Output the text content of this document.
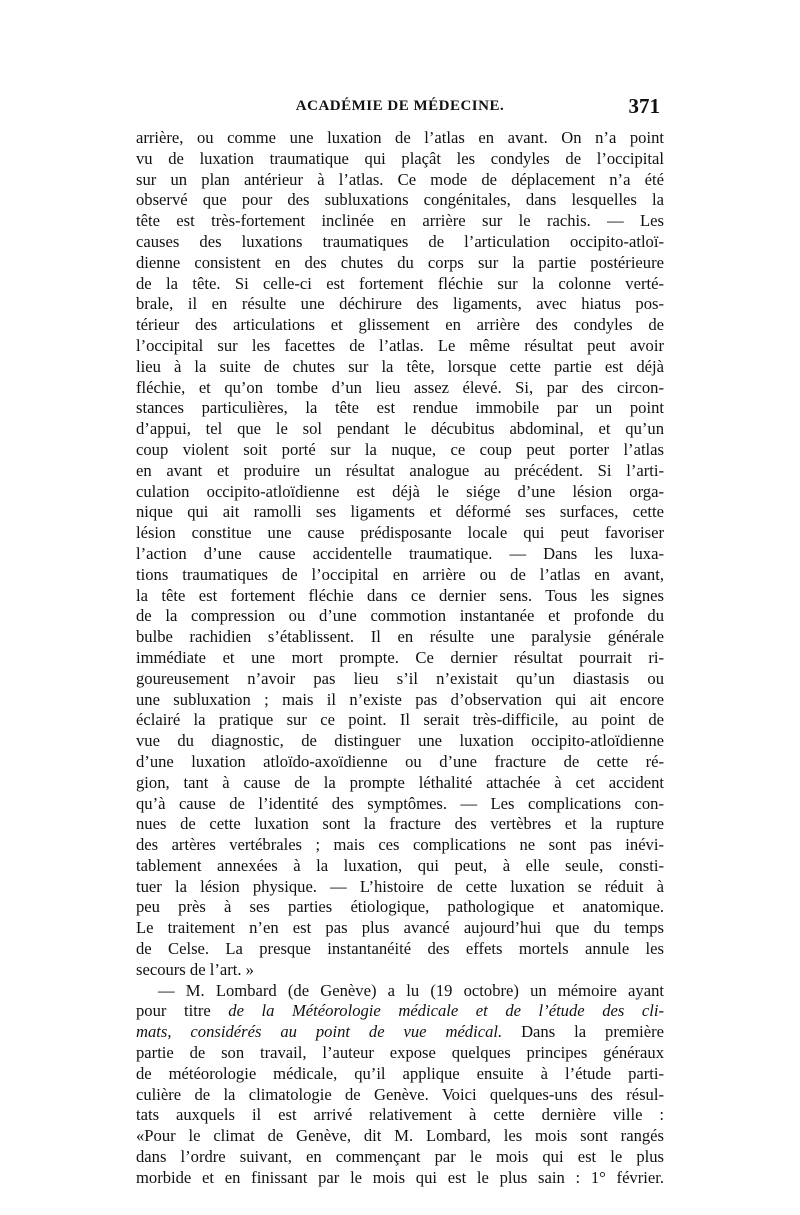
ACADÉMIE DE MÉDECINE.	371
arrière, ou comme une luxation de l’atlas en avant. On n’a point
vu de luxation traumatique qui plaçât les condyles de l’occipital
sur un plan antérieur à l’atlas. Ce mode de déplacement n’a été
observé que pour des subluxations congénitales, dans lesquelles la
tête est très-fortement inclinée en arrière sur le rachis. — Les
causes des luxations traumatiques de l’articulation occipito-atloï-
dienne consistent en des chutes du corps sur la partie postérieure
de la tête. Si celle-ci est fortement fléchie sur la colonne verté-
brale, il en résulte une déchirure des ligaments, avec hiatus pos-
térieur des articulations et glissement en arrière des condyles de
l’occipital sur les facettes de l’atlas. Le même résultat peut avoir
lieu à la suite de chutes sur la tête, lorsque cette partie est déjà
fléchie, et qu’on tombe d’un lieu assez élevé. Si, par des circon-
stances particulières, la tête est rendue immobile par un point
d’appui, tel que le sol pendant le décubitus abdominal, et qu’un
coup violent soit porté sur la nuque, ce coup peut porter l’atlas
en avant et produire un résultat analogue au précédent. Si l’arti-
culation occipito-atloïdienne est déjà le siége d’une lésion orga-
nique qui ait ramolli ses ligaments et déformé ses surfaces, cette
lésion constitue une cause prédisposante locale qui peut favoriser
l’action d’une cause accidentelle traumatique. — Dans les luxa-
tions traumatiques de l’occipital en arrière ou de l’atlas en avant,
la tête est fortement fléchie dans ce dernier sens. Tous les signes
de la compression ou d’une commotion instantanée et profonde du
bulbe rachidien s’établissent. Il en résulte une paralysie générale
immédiate et une mort prompte. Ce dernier résultat pourrait ri-
goureusement n’avoir pas lieu s’il n’existait qu’un diastasis ou
une subluxation ; mais il n’existe pas d’observation qui ait encore
éclairé la pratique sur ce point. Il serait très-difficile, au point de
vue du diagnostic, de distinguer une luxation occipito-atloïdienne
d’une luxation atloïdo-axoïdienne ou d’une fracture de cette ré-
gion, tant à cause de la prompte léthalité attachée à cet accident
qu’à cause de l’identité des symptômes. — Les complications con-
nues de cette luxation sont la fracture des vertèbres et la rupture
des artères vertébrales ; mais ces complications ne sont pas inévi-
tablement annexées à la luxation, qui peut, à elle seule, consti-
tuer la lésion physique. — L’histoire de cette luxation se réduit à
peu près à ses parties étiologique, pathologique et anatomique.
Le traitement n’en est pas plus avancé aujourd’hui que du temps
de Celse. La presque instantanéité des effets mortels annule les
secours de l’art. »
— M. Lombard (de Genève) a lu (19 octobre) un mémoire ayant
pour titre de la Météorologie médicale et de l’étude des cli-
mats, considérés au point de vue médical. Dans la première
partie de son travail, l’auteur expose quelques principes généraux
de météorologie médicale, qu’il applique ensuite à l’étude parti-
culière de la climatologie de Genève. Voici quelques-uns des résul-
tats auxquels il est arrivé relativement à cette dernière ville :
«Pour le climat de Genève, dit M. Lombard, les mois sont rangés
dans l’ordre suivant, en commençant par le mois qui est le plus
morbide et en finissant par le mois qui est le plus sain : 1° février.
